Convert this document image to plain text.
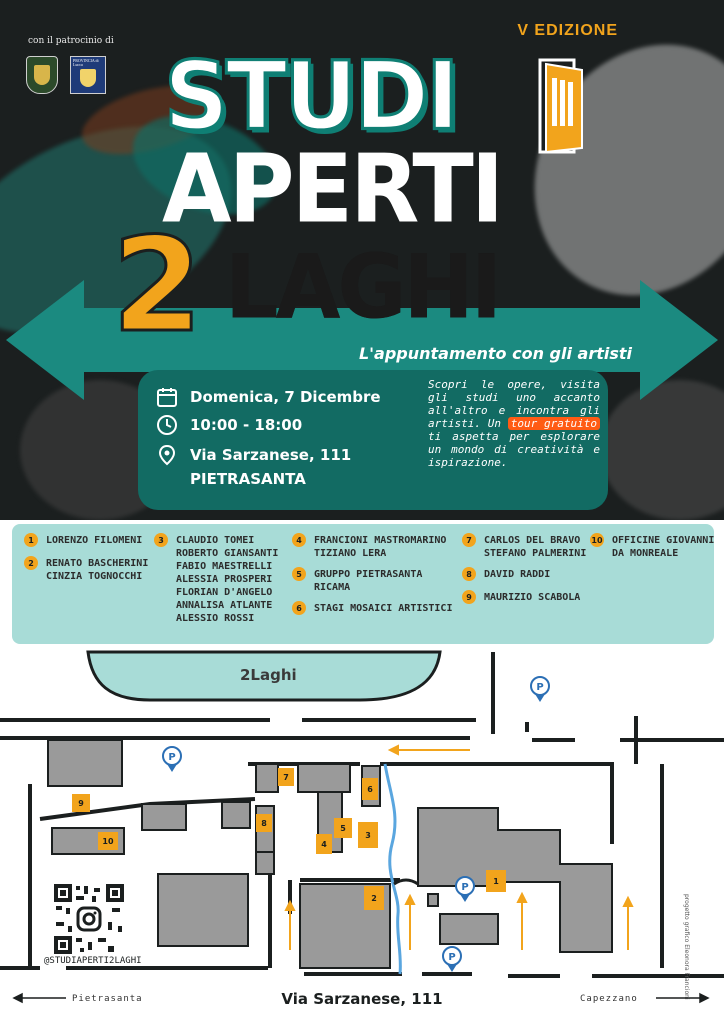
con il patrocinio di
PROVINCIA di Lucca
V EDIZIONE
STUDI
APERTI
LAGHI
2	L'appuntamento con gli artisti
Domenica, 7 Dicembre
10:00 - 18:00
Via Sarzanese, 111
PIETRASANTA
Scopri le opere, visita gli studi uno accanto all'altro e incontra gli artisti. Un tour gratuito ti aspetta per esplorare un mondo di creatività e ispirazione.
1	LORENZO FILOMENI
2	RENATO BASCHERINI
CINZIA TOGNOCCHI
3	CLAUDIO TOMEI
ROBERTO GIANSANTI
FABIO MAESTRELLI
ALESSIA PROSPERI
FLORIAN D'ANGELO
ANNALISA ATLANTE
ALESSIO ROSSI
4	FRANCIONI MASTROMARINO
TIZIANO LERA
5	GRUPPO PIETRASANTA
RICAMA
6	STAGI MOSAICI ARTISTICI
7	CARLOS DEL BRAVO
STEFANO PALMERINI
8	DAVID RADDI
9	MAURIZIO SCABOLA
10 OFFICINE GIOVANNI
DA MONREALE
10
9
8
7
6
5
3
4
2
1
P
P
P
P
2Laghi
@STUDIAPERTI2LAGHI	progetto grafico Eleonora Francioni
Pietrasanta	Via Sarzanese, 111	Capezzano
